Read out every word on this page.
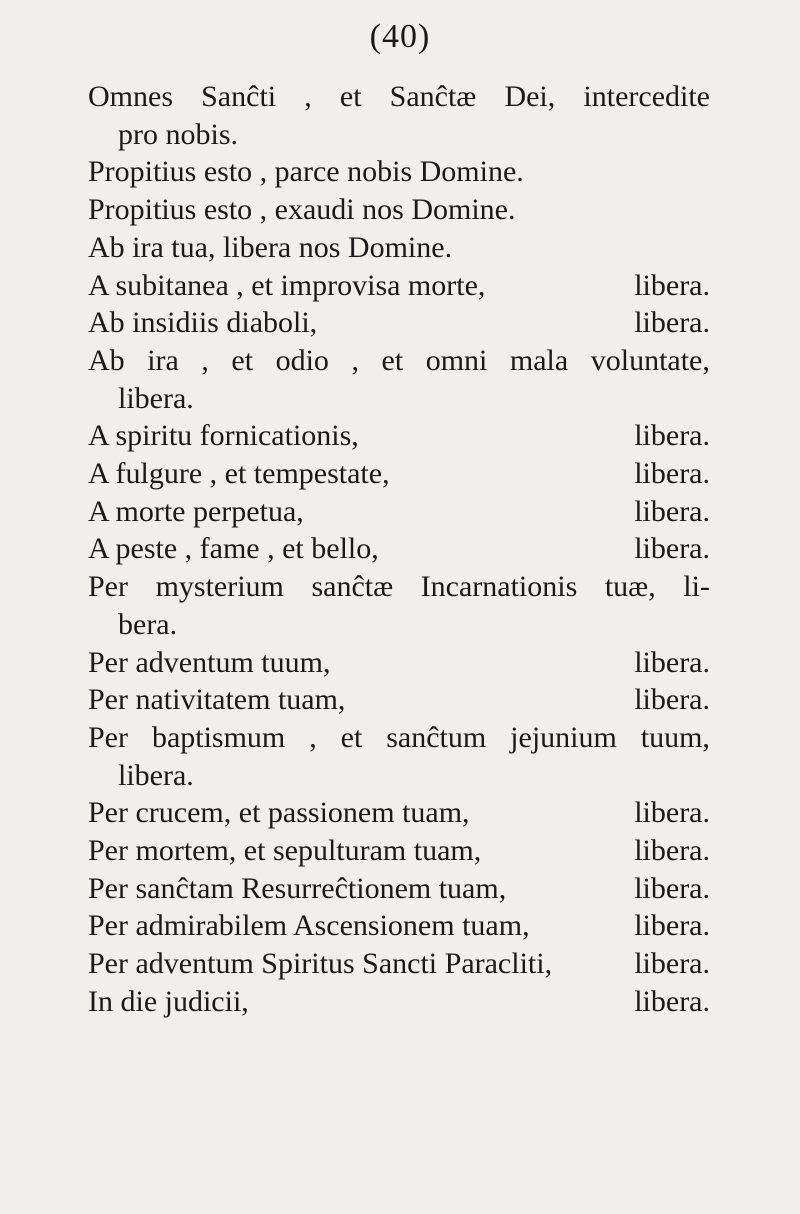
(40)
Omnes Sanĉti , et Sanĉtæ Dei, intercedite
pro nobis.
Propitius esto , parce nobis Domine.
Propitius esto , exaudi nos Domine.
Ab ira tua, libera nos Domine.
A subitanea , et improvisa morte,	libera.
Ab insidiis diaboli,	libera.
Ab ira , et odio , et omni mala voluntate,
libera.
A spiritu fornicationis,	libera.
A fulgure , et tempestate,	libera.
A morte perpetua,	libera.
A peste , fame , et bello,	libera.
Per mysterium sanĉtæ Incarnationis tuæ, li-
bera.
Per adventum tuum,	libera.
Per nativitatem tuam,	libera.
Per baptismum , et sanĉtum jejunium tuum,
libera.
Per crucem, et passionem tuam,	libera.
Per mortem, et sepulturam tuam,	libera.
Per sanĉtam Resurreĉtionem tuam,	libera.
Per admirabilem Ascensionem tuam,	libera.
Per adventum Spiritus Sancti Paracliti,	libera.
In die judicii,	libera.
